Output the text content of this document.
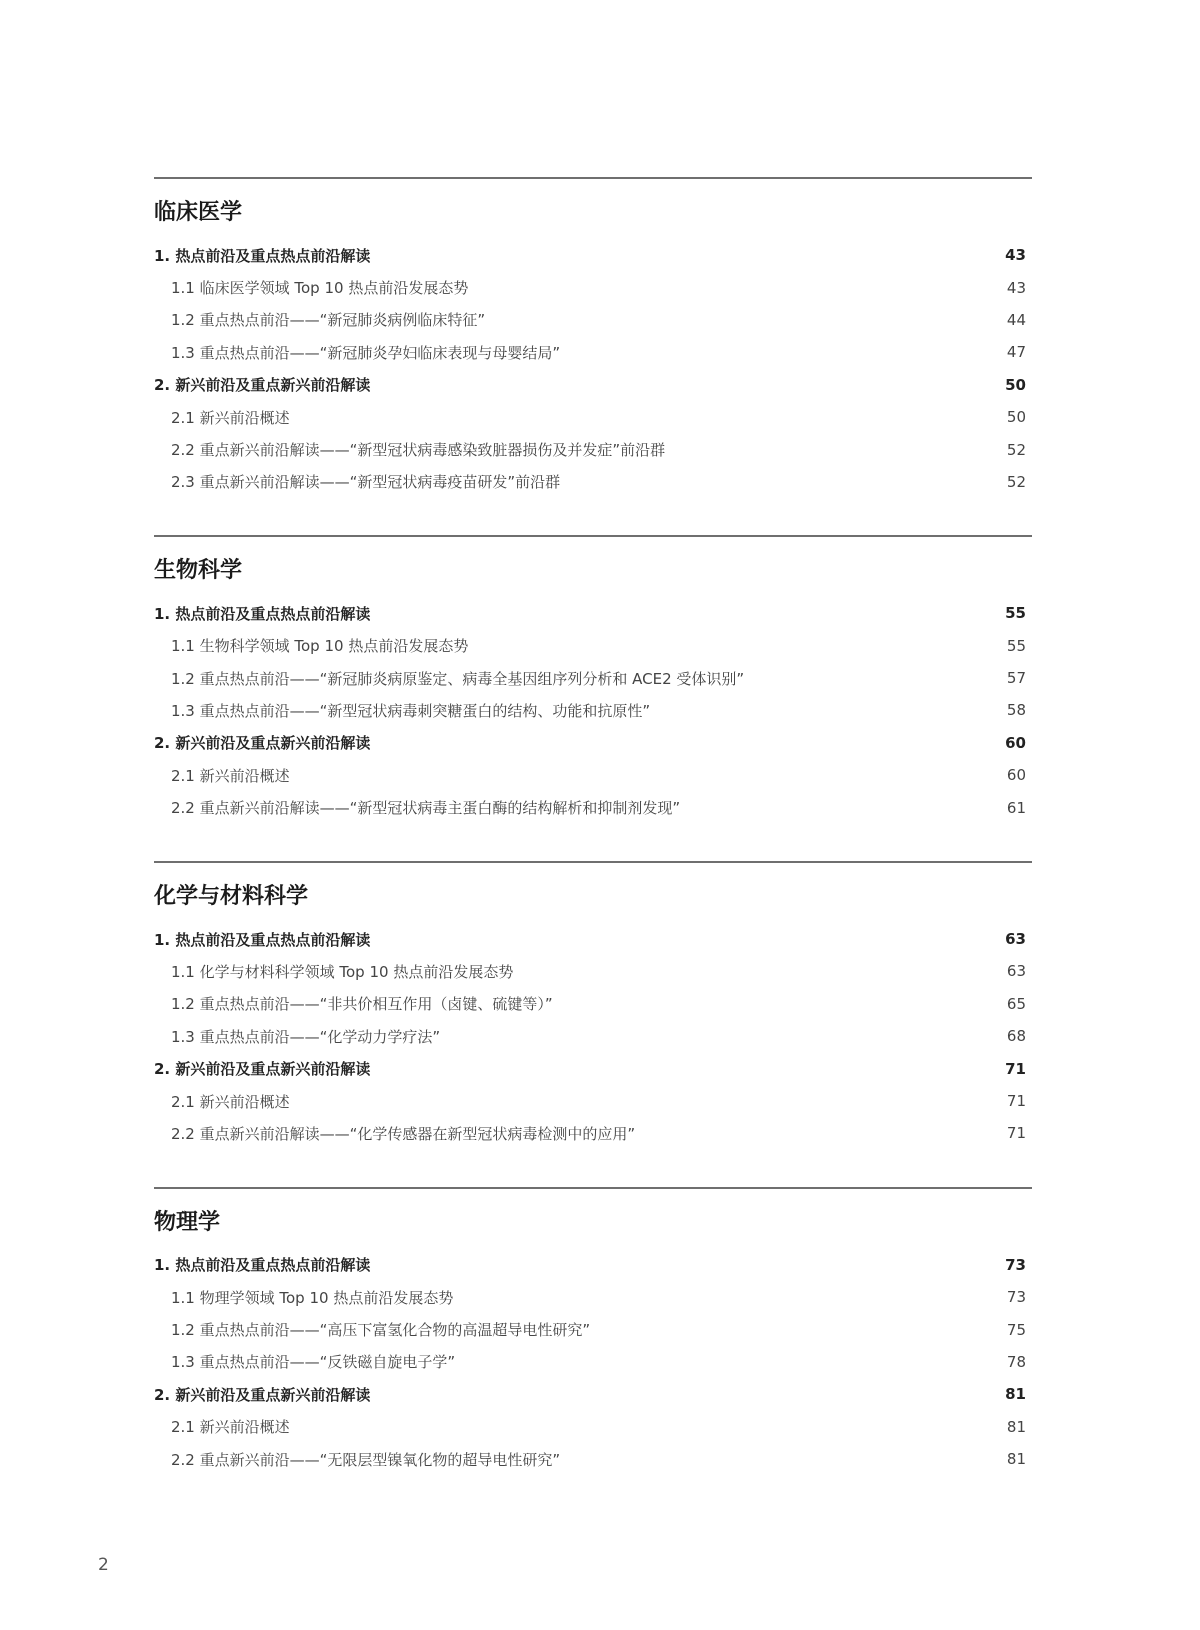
临床医学
1. 热点前沿及重点热点前沿解读	43
1.1 临床医学领域 Top 10 热点前沿发展态势	43
1.2 重点热点前沿——“新冠肺炎病例临床特征”	44
1.3 重点热点前沿——“新冠肺炎孕妇临床表现与母婴结局”	47
2. 新兴前沿及重点新兴前沿解读	50
2.1 新兴前沿概述	50
2.2 重点新兴前沿解读——“新型冠状病毒感染致脏器损伤及并发症”前沿群	52
2.3 重点新兴前沿解读——“新型冠状病毒疫苗研发”前沿群	52
生物科学
1. 热点前沿及重点热点前沿解读	55
1.1 生物科学领域 Top 10 热点前沿发展态势	55
1.2 重点热点前沿——“新冠肺炎病原鉴定、病毒全基因组序列分析和 ACE2 受体识别”	57
1.3 重点热点前沿——“新型冠状病毒刺突糖蛋白的结构、功能和抗原性”	58
2. 新兴前沿及重点新兴前沿解读	60
2.1 新兴前沿概述	60
2.2 重点新兴前沿解读——“新型冠状病毒主蛋白酶的结构解析和抑制剂发现”	61
化学与材料科学
1. 热点前沿及重点热点前沿解读	63
1.1 化学与材料科学领域 Top 10 热点前沿发展态势	63
1.2 重点热点前沿——“非共价相互作用（卤键、硫键等）”	65
1.3 重点热点前沿——“化学动力学疗法”	68
2. 新兴前沿及重点新兴前沿解读	71
2.1 新兴前沿概述	71
2.2 重点新兴前沿解读——“化学传感器在新型冠状病毒检测中的应用”	71
物理学
1. 热点前沿及重点热点前沿解读	73
1.1 物理学领域 Top 10 热点前沿发展态势	73
1.2 重点热点前沿——“高压下富氢化合物的高温超导电性研究”	75
1.3 重点热点前沿——“反铁磁自旋电子学”	78
2. 新兴前沿及重点新兴前沿解读	81
2.1 新兴前沿概述	81
2.2 重点新兴前沿——“无限层型镍氧化物的超导电性研究”	81
2
